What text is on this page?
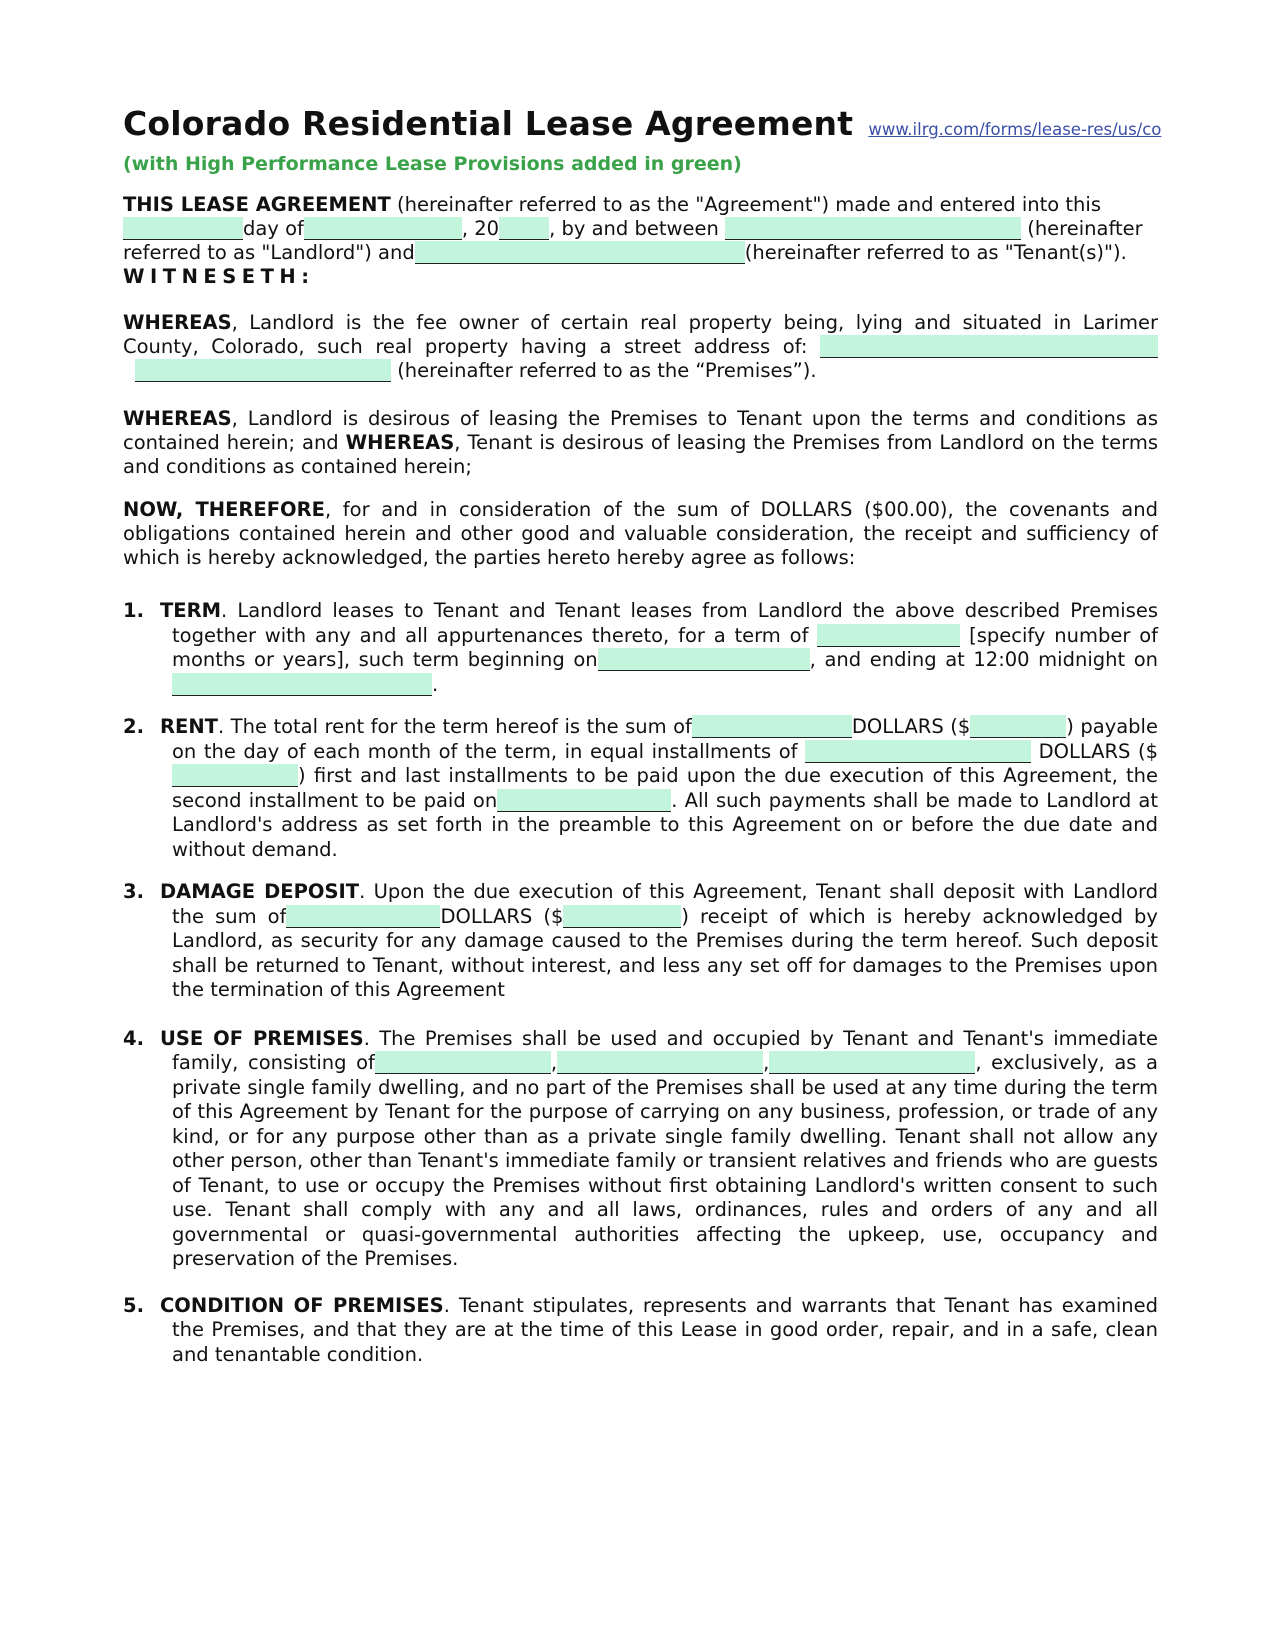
Colorado Residential Lease Agreement www.ilrg.com/forms/lease-res/us/co
(with High Performance Lease Provisions added in green)
THIS LEASE AGREEMENT (hereinafter referred to as the "Agreement") made and entered into thisday of	, 20	, by and between	(hereinafter referred to as "Landlord") and	(hereinafter referred to as "Tenant(s)").
WITNESETH:
WHEREAS, Landlord is the fee owner of certain real property being, lying and situated in Larimer County, Colorado, such real property having a street address of:   (hereinafter referred to as the “Premises”).
WHEREAS, Landlord is desirous of leasing the Premises to Tenant upon the terms and conditions as contained herein; and WHEREAS, Tenant is desirous of leasing the Premises from Landlord on the terms and conditions as contained herein;
NOW, THEREFORE, for and in consideration of the sum of DOLLARS ($00.00), the covenants and obligations contained herein and other good and valuable consideration, the receipt and sufficiency of which is hereby acknowledged, the parties hereto hereby agree as follows:
1. TERM. Landlord leases to Tenant and Tenant leases from Landlord the above described Premises together with any and all appurtenances thereto, for a term of	[specify number of months or years], such term beginning on	, and ending at 12:00 midnight on.
2. RENT. The total rent for the term hereof is the sum of	DOLLARS ($	) payable on the day of each month of the term, in equal installments of	DOLLARS ($) first and last installments to be paid upon the due execution of this Agreement, the second installment to be paid on	. All such payments shall be made to Landlord at Landlord's address as set forth in the preamble to this Agreement on or before the due date and without demand.
3. DAMAGE DEPOSIT. Upon the due execution of this Agreement, Tenant shall deposit with Landlord the sum of	DOLLARS ($	) receipt of which is hereby acknowledged by Landlord, as security for any damage caused to the Premises during the term hereof. Such deposit shall be returned to Tenant, without interest, and less any set off for damages to the Premises upon the termination of this Agreement
4. USE OF PREMISES. The Premises shall be used and occupied by Tenant and Tenant's immediate family, consisting of	,	,	, exclusively, as a private single family dwelling, and no part of the Premises shall be used at any time during the term of this Agreement by Tenant for the purpose of carrying on any business, profession, or trade of any kind, or for any purpose other than as a private single family dwelling. Tenant shall not allow any other person, other than Tenant's immediate family or transient relatives and friends who are guests of Tenant, to use or occupy the Premises without first obtaining Landlord's written consent to such use. Tenant shall comply with any and all laws, ordinances, rules and orders of any and all governmental or quasi-governmental authorities affecting the upkeep, use, occupancy and preservation of the Premises.
5. CONDITION OF PREMISES. Tenant stipulates, represents and warrants that Tenant has examined the Premises, and that they are at the time of this Lease in good order, repair, and in a safe, clean and tenantable condition.
